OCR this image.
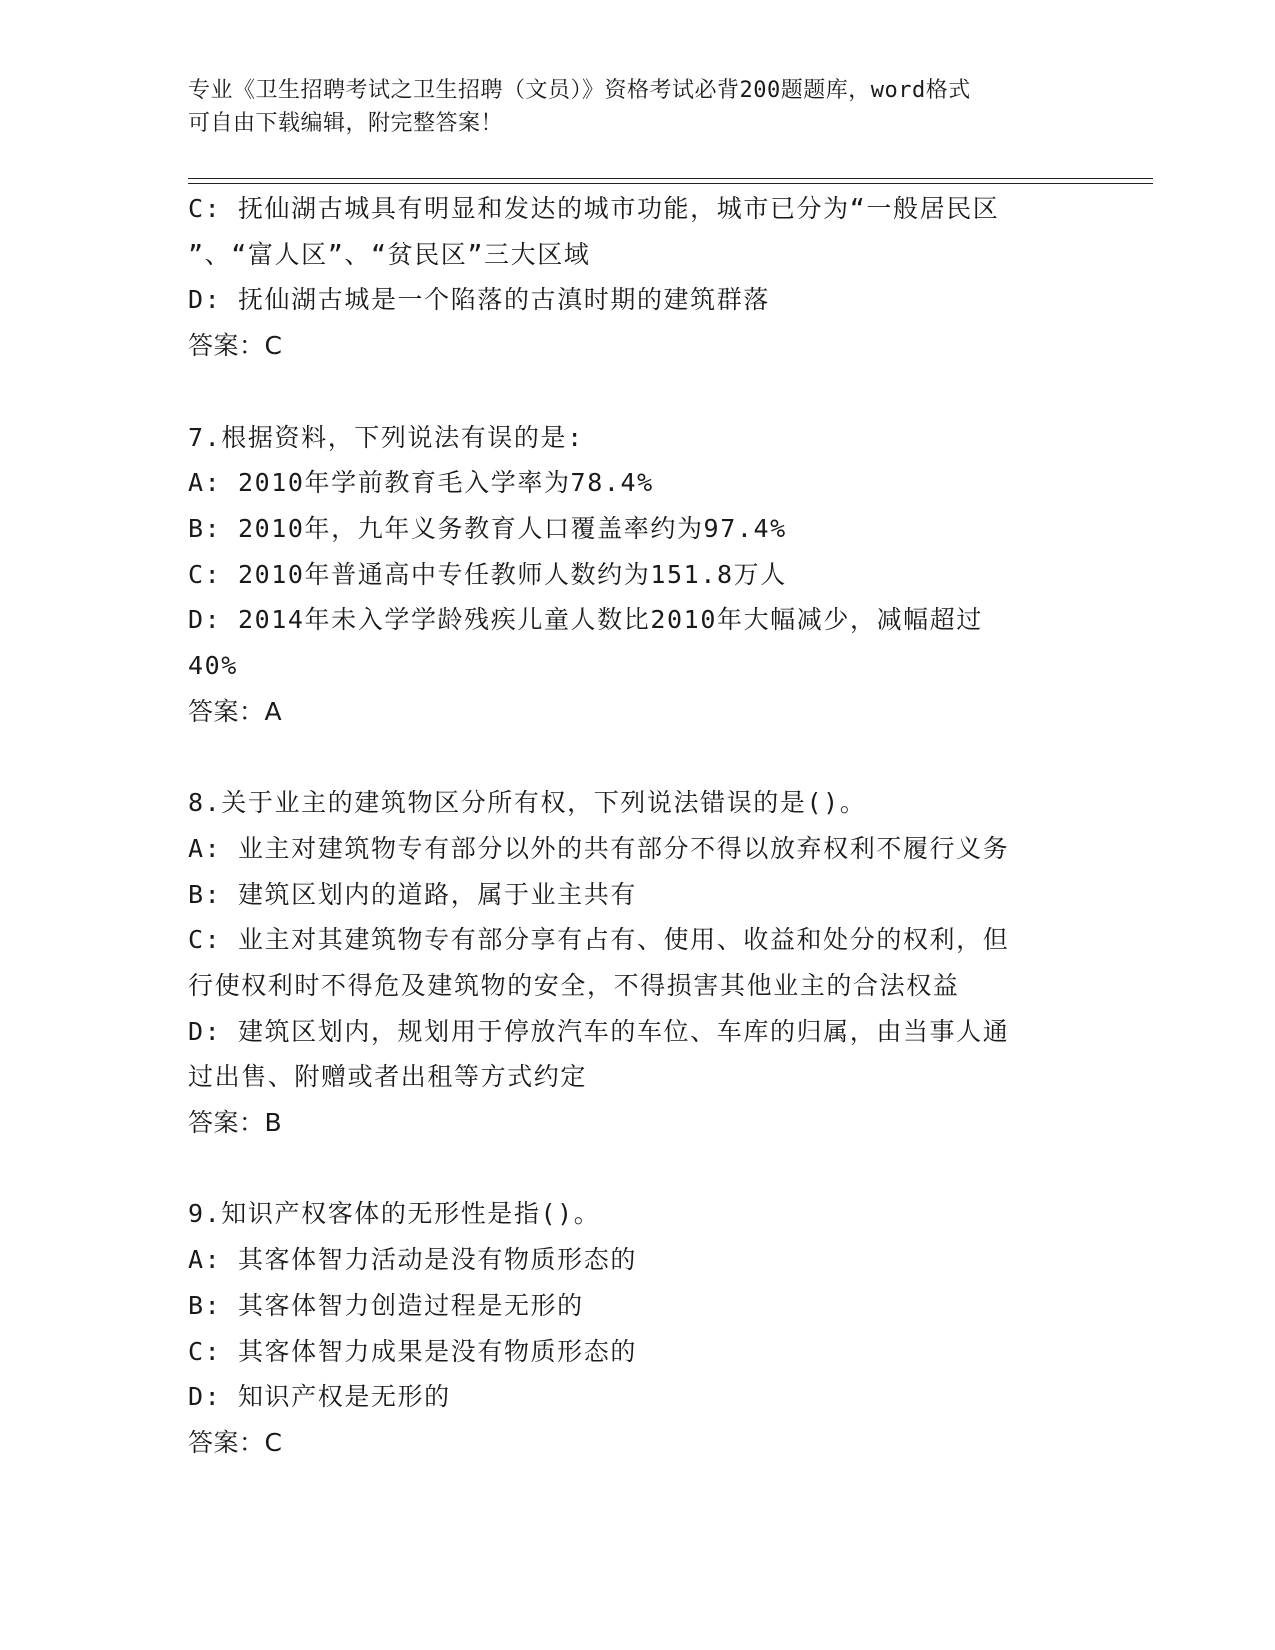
专业《卫生招聘考试之卫生招聘（文员）》资格考试必背200题题库，word格式
可自由下载编辑，附完整答案！
C: 抚仙湖古城具有明显和发达的城市功能，城市已分为“一般居民区
”、“富人区”、“贫民区”三大区域
D: 抚仙湖古城是一个陷落的古滇时期的建筑群落
答案：C
7.根据资料，下列说法有误的是:
A: 2010年学前教育毛入学率为78.4%
B: 2010年，九年义务教育人口覆盖率约为97.4%
C: 2010年普通高中专任教师人数约为151.8万人
D: 2014年未入学学龄残疾儿童人数比2010年大幅减少，减幅超过
40%
答案：A
8.关于业主的建筑物区分所有权，下列说法错误的是()。
A: 业主对建筑物专有部分以外的共有部分不得以放弃权利不履行义务
B: 建筑区划内的道路，属于业主共有
C: 业主对其建筑物专有部分享有占有、使用、收益和处分的权利，但
行使权利时不得危及建筑物的安全，不得损害其他业主的合法权益
D: 建筑区划内，规划用于停放汽车的车位、车库的归属，由当事人通
过出售、附赠或者出租等方式约定
答案：B
9.知识产权客体的无形性是指()。
A: 其客体智力活动是没有物质形态的
B: 其客体智力创造过程是无形的
C: 其客体智力成果是没有物质形态的
D: 知识产权是无形的
答案：C
